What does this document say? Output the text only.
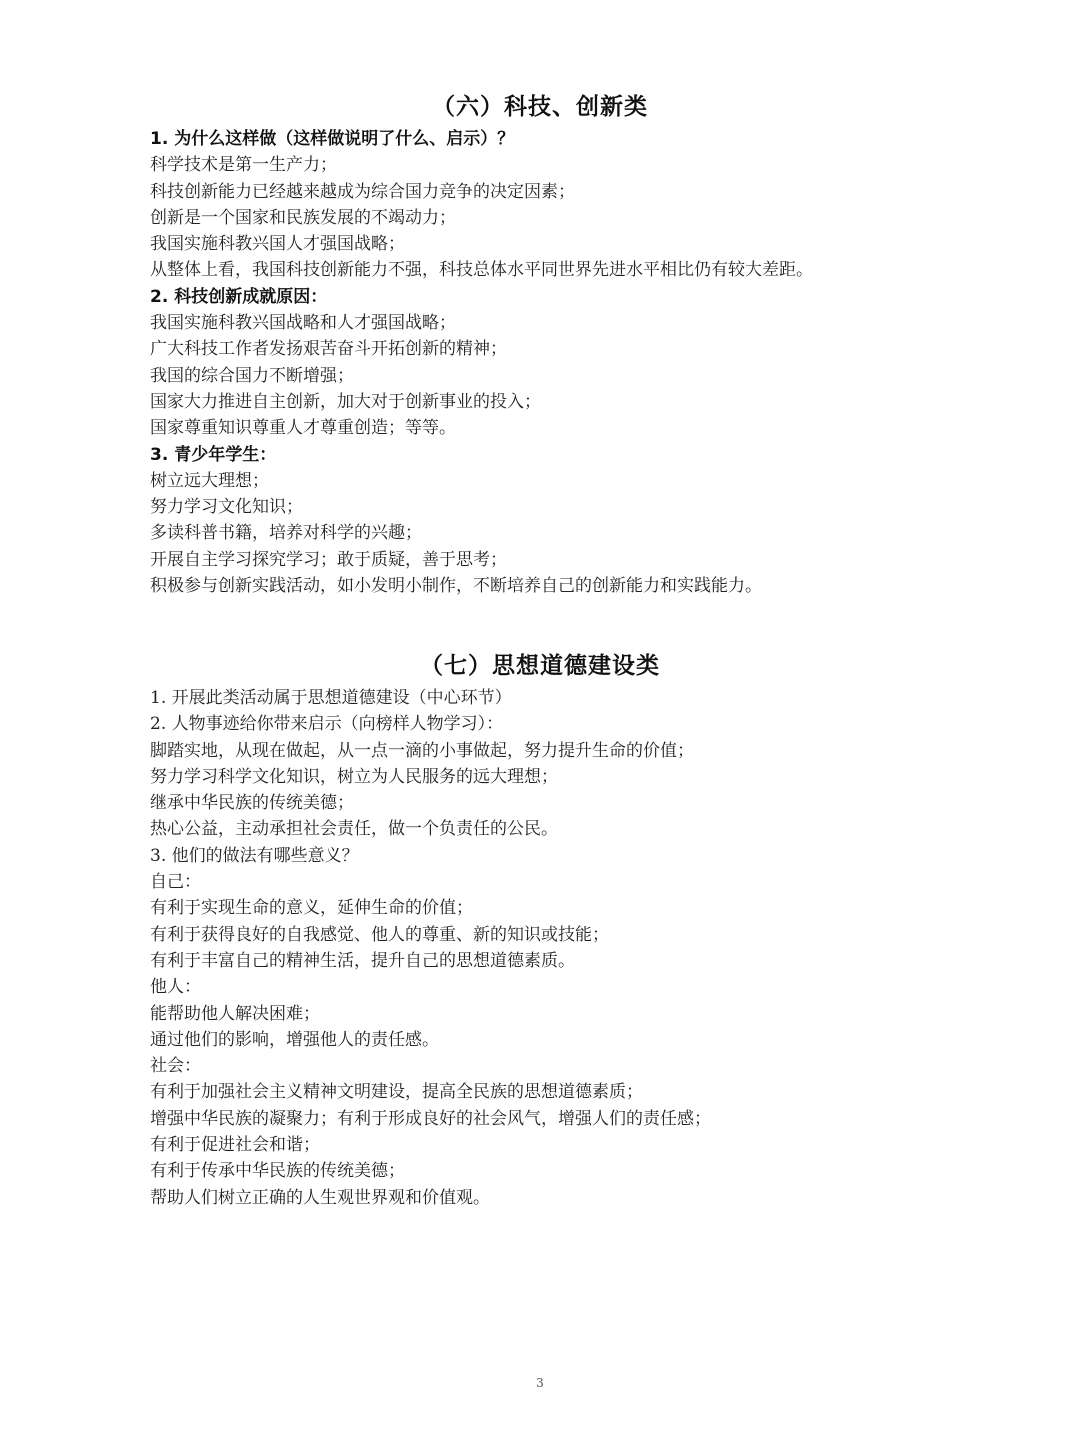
（六）科技、创新类
1. 为什么这样做（这样做说明了什么、启示）？
科学技术是第一生产力；
科技创新能力已经越来越成为综合国力竞争的决定因素；
创新是一个国家和民族发展的不竭动力；
我国实施科教兴国人才强国战略；
从整体上看，我国科技创新能力不强，科技总体水平同世界先进水平相比仍有较大差距。
2. 科技创新成就原因：
我国实施科教兴国战略和人才强国战略；
广大科技工作者发扬艰苦奋斗开拓创新的精神；
我国的综合国力不断增强；
国家大力推进自主创新，加大对于创新事业的投入；
国家尊重知识尊重人才尊重创造；等等。
3. 青少年学生：
树立远大理想；
努力学习文化知识；
多读科普书籍，培养对科学的兴趣；
开展自主学习探究学习；敢于质疑，善于思考；
积极参与创新实践活动，如小发明小制作，不断培养自己的创新能力和实践能力。
（七）思想道德建设类
1. 开展此类活动属于思想道德建设（中心环节）
2. 人物事迹给你带来启示（向榜样人物学习）：
脚踏实地，从现在做起，从一点一滴的小事做起，努力提升生命的价值；
努力学习科学文化知识，树立为人民服务的远大理想；
继承中华民族的传统美德；
热心公益，主动承担社会责任，做一个负责任的公民。
3. 他们的做法有哪些意义？
自己：
有利于实现生命的意义，延伸生命的价值；
有利于获得良好的自我感觉、他人的尊重、新的知识或技能；
有利于丰富自己的精神生活，提升自己的思想道德素质。
他人：
能帮助他人解决困难；
通过他们的影响，增强他人的责任感。
社会：
有利于加强社会主义精神文明建设，提高全民族的思想道德素质；
增强中华民族的凝聚力；有利于形成良好的社会风气，增强人们的责任感；
有利于促进社会和谐；
有利于传承中华民族的传统美德；
帮助人们树立正确的人生观世界观和价值观。
3
